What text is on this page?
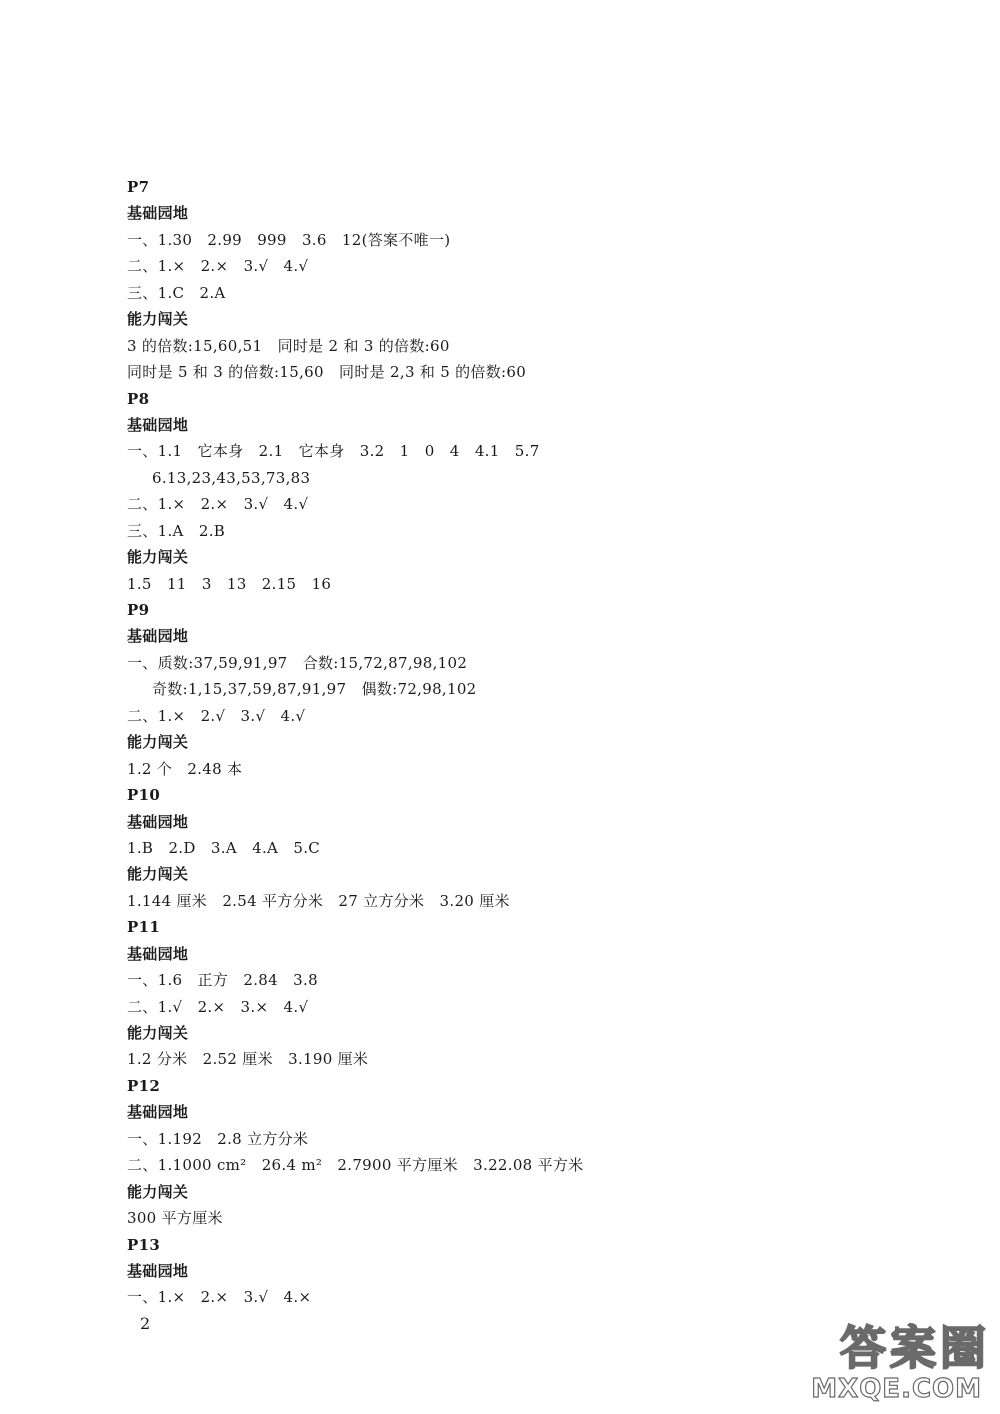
P7
基础园地
一、1.30   2.99   999   3.6   12(答案不唯一)
二、1.×   2.×   3.√   4.√
三、1.C   2.A
能力闯关
3 的倍数:15,60,51   同时是 2 和 3 的倍数:60
同时是 5 和 3 的倍数:15,60   同时是 2,3 和 5 的倍数:60
P8
基础园地
一、1.1   它本身   2.1   它本身   3.2   1   0   4   4.1   5.7
6.13,23,43,53,73,83
二、1.×   2.×   3.√   4.√
三、1.A   2.B
能力闯关
1.5   11   3   13   2.15   16
P9
基础园地
一、质数:37,59,91,97   合数:15,72,87,98,102
奇数:1,15,37,59,87,91,97   偶数:72,98,102
二、1.×   2.√   3.√   4.√
能力闯关
1.2 个   2.48 本
P10
基础园地
1.B   2.D   3.A   4.A   5.C
能力闯关
1.144 厘米   2.54 平方分米   27 立方分米   3.20 厘米
P11
基础园地
一、1.6   正方   2.84   3.8
二、1.√   2.×   3.×   4.√
能力闯关
1.2 分米   2.52 厘米   3.190 厘米
P12
基础园地
一、1.192   2.8 立方分米
二、1.1000 cm²   26.4 m²   2.7900 平方厘米   3.22.08 平方米
能力闯关
300 平方厘米
P13
基础园地
一、1.×   2.×   3.√   4.×
2	答案圈
MXQE.COM
